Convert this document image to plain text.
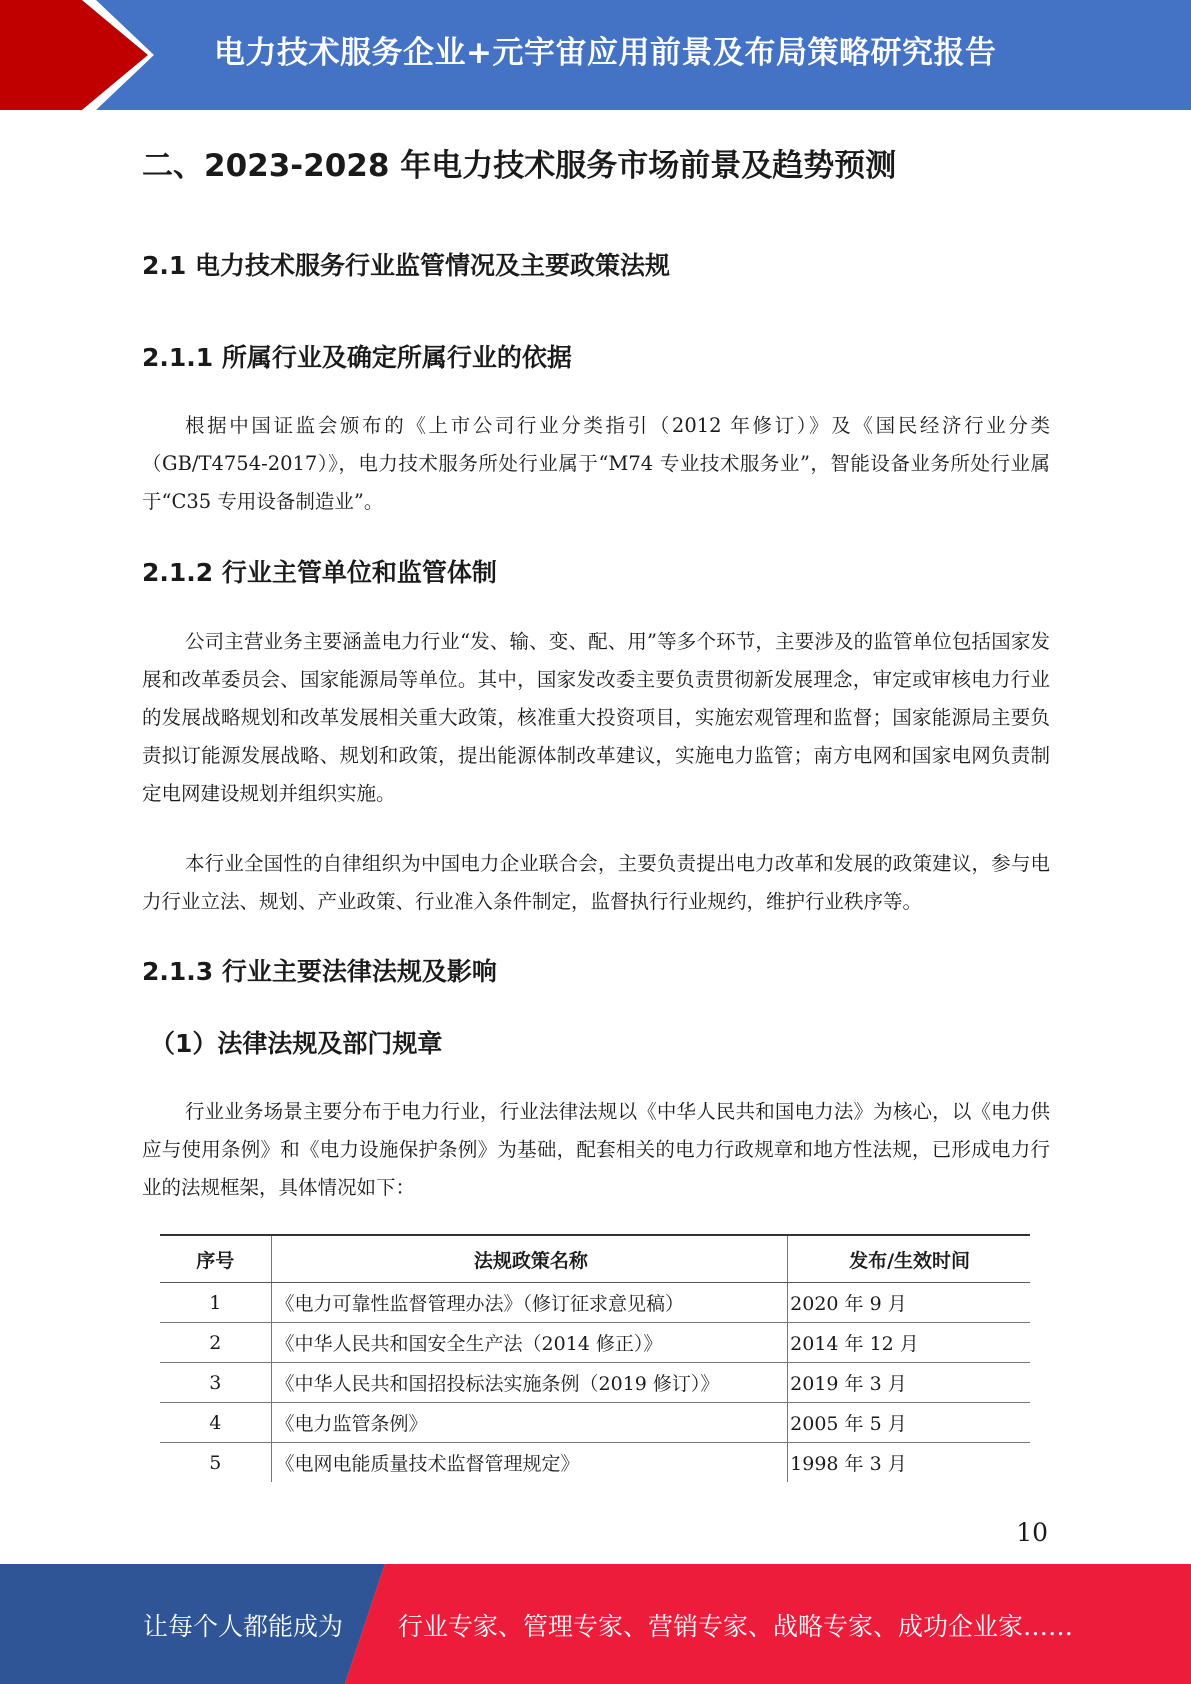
电力技术服务企业+元宇宙应用前景及布局策略研究报告
二、2023-2028 年电力技术服务市场前景及趋势预测
2.1 电力技术服务行业监管情况及主要政策法规
2.1.1 所属行业及确定所属行业的依据

根据中国证监会颁布的《上市公司行业分类指引（2012 年修订）》及《国民经济行业分类（GB/T4754-2017）》，电力技术服务所处行业属于“M74 专业技术服务业”，智能设备业务所处行业属于“C35 专用设备制造业”。

2.1.2 行业主管单位和监管体制

公司主营业务主要涵盖电力行业“发、输、变、配、用”等多个环节，主要涉及的监管单位包括国家发展和改革委员会、国家能源局等单位。其中，国家发改委主要负责贯彻新发展理念，审定或审核电力行业的发展战略规划和改革发展相关重大政策，核准重大投资项目，实施宏观管理和监督；国家能源局主要负责拟订能源发展战略、规划和政策，提出能源体制改革建议，实施电力监管；南方电网和国家电网负责制定电网建设规划并组织实施。

本行业全国性的自律组织为中国电力企业联合会，主要负责提出电力改革和发展的政策建议，参与电力行业立法、规划、产业政策、行业准入条件制定，监督执行行业规约，维护行业秩序等。

2.1.3 行业主要法律法规及影响
（1）法律法规及部门规章

行业业务场景主要分布于电力行业，行业法律法规以《中华人民共和国电力法》为核心，以《电力供应与使用条例》和《电力设施保护条例》为基础，配套相关的电力行政规章和地方性法规，已形成电力行业的法规框架，具体情况如下：

序号	法规政策名称	发布/生效时间
1	《电力可靠性监督管理办法》（修订征求意见稿）	2020 年 9 月
2	《中华人民共和国安全生产法（2014 修正）》	2014 年 12 月
3	《中华人民共和国招投标法实施条例（2019 修订）》	2019 年 3 月
4	《电力监管条例》	2005 年 5 月
5	《电网电能质量技术监督管理规定》	1998 年 3 月
10
让每个人都能成为 行业专家、管理专家、营销专家、战略专家、成功企业家……
